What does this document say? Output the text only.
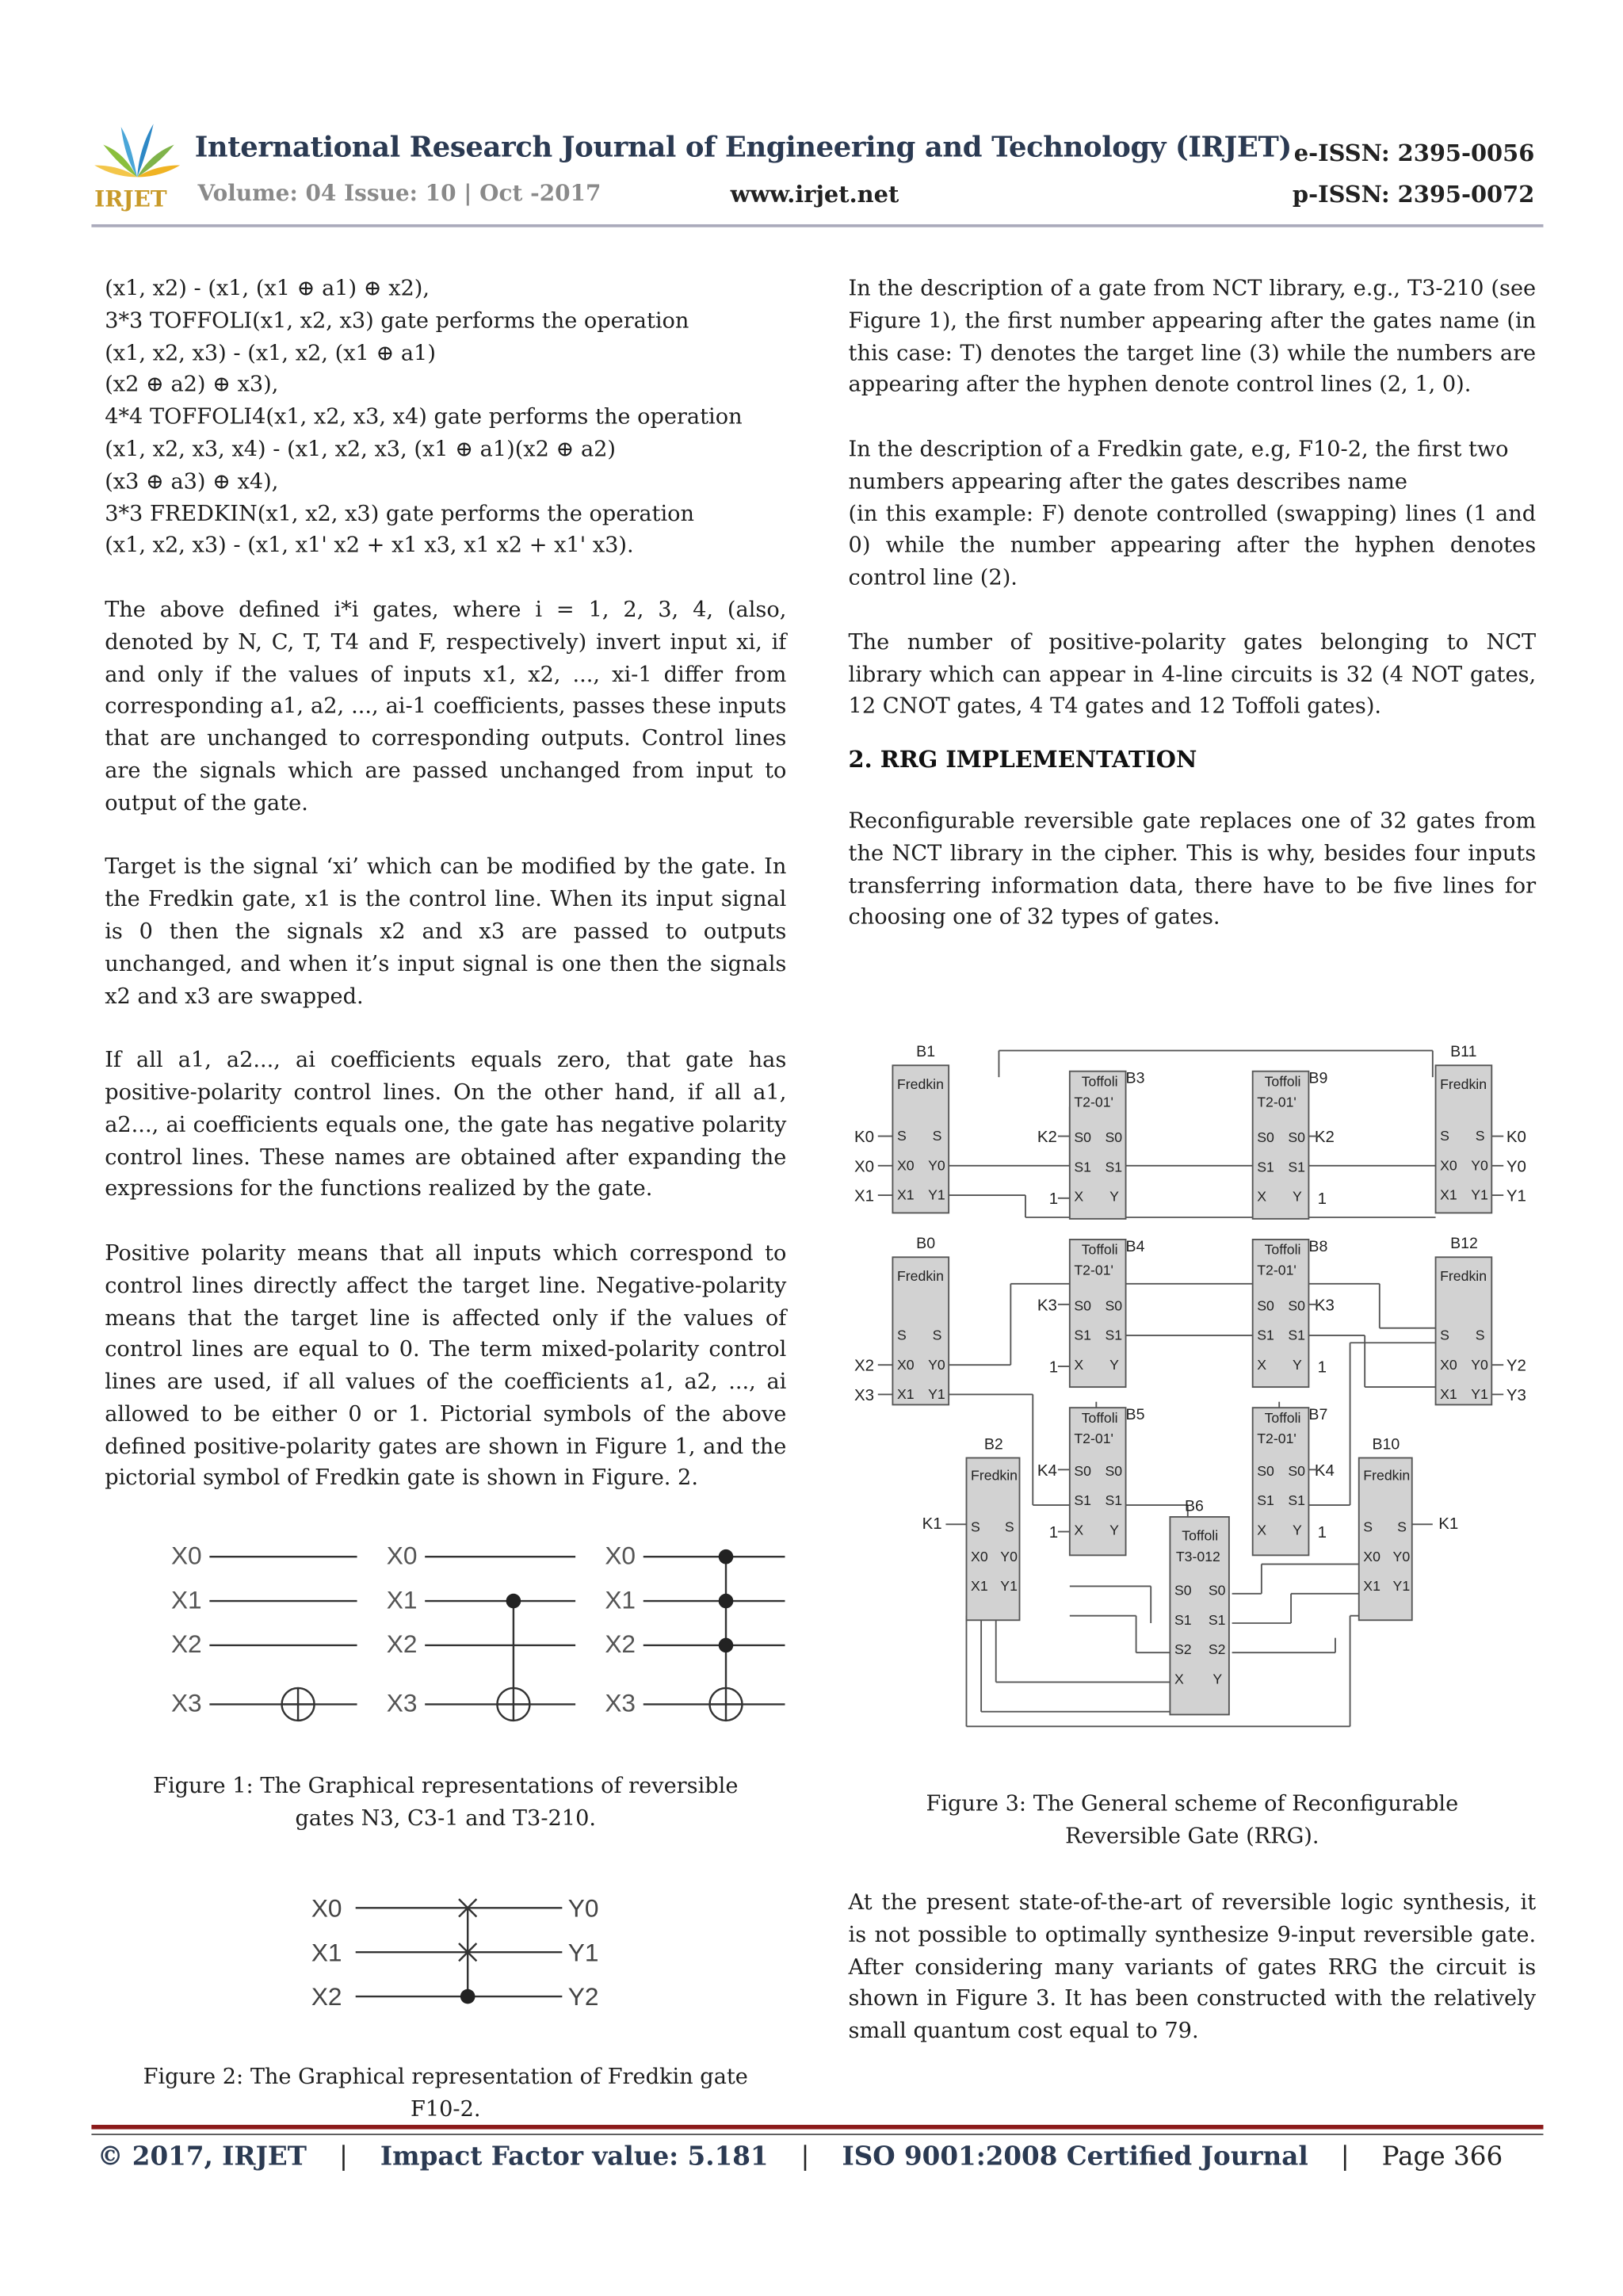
IRJET
International Research Journal of Engineering and Technology (IRJET) e-ISSN: 2395-0056
Volume: 04 Issue: 10 | Oct -2017	www.irjet.net	p-ISSN: 2395-0072

(x1, x2) - (x1, (x1 ⊕ a1) ⊕ x2),

3*3 TOFFOLI(x1, x2, x3) gate performs the operation

(x1, x2, x3) - (x1, x2, (x1 ⊕ a1)

(x2 ⊕ a2) ⊕ x3),

4*4 TOFFOLI4(x1, x2, x3, x4) gate performs the operation

(x1, x2, x3, x4) - (x1, x2, x3, (x1 ⊕ a1)(x2 ⊕ a2)

(x3 ⊕ a3) ⊕ x4),

3*3 FREDKIN(x1, x2, x3) gate performs the operation

(x1, x2, x3) - (x1, x1' x2 + x1 x3, x1 x2 + x1' x3).

The above defined i*i gates, where i = 1, 2, 3, 4, (also, denoted by N, C, T, T4 and F, respectively) invert input xi, if and only if the values of inputs x1, x2, ..., xi-1 differ from corresponding a1, a2, ..., ai-1 coefficients, passes these inputs that are unchanged to corresponding outputs. Control lines are the signals which are passed unchanged from input to output of the gate.

Target is the signal ‘xi’ which can be modified by the gate. In the Fredkin gate, x1 is the control line. When its input signal is 0 then the signals x2 and x3 are passed to outputs unchanged, and when it’s input signal is one then the signals x2 and x3 are swapped.

If all a1, a2..., ai coefficients equals zero, that gate has positive-polarity control lines. On the other hand, if all a1, a2..., ai coefficients equals one, the gate has negative polarity control lines. These names are obtained after expanding the expressions for the functions realized by the gate.

Positive polarity means that all inputs which correspond to control lines directly affect the target line. Negative-polarity means that the target line is affected only if the values of control lines are equal to 0. The term mixed-polarity control lines are used, if all values of the coefficients a1, a2, ..., ai allowed to be either 0 or 1. Pictorial symbols of the above defined positive-polarity gates are shown in Figure 1, and the pictorial symbol of Fredkin gate is shown in Figure. 2.

X0
X1
X2
X3
X0
X1
X2
X3
X0
X1
X2
X3
Figure 1: The Graphical representations of reversible
gates N3, C3-1 and T3-210.
X0
X1
X2
Y0
Y1
Y2
Figure 2: The Graphical representation of Fredkin gate
F10-2.

In the description of a gate from NCT library, e.g., T3-210 (see Figure 1), the first number appearing after the gates name (in this case: T) denotes the target line (3) while the numbers are appearing after the hyphen denote control lines (2, 1, 0).

In the description of a Fredkin gate, e.g, F10-2, the first two numbers appearing after the gates describes name

(in this example: F) denote controlled (swapping) lines (1 and 0) while the number appearing after the hyphen denotes control line (2).

The number of positive-polarity gates belonging to NCT library which can appear in 4-line circuits is 32 (4 NOT gates, 12 CNOT gates, 4 T4 gates and 12 Toffoli gates).

2. RRG IMPLEMENTATION

Reconfigurable reversible gate replaces one of 32 gates from the NCT library in the cipher. This is why, besides four inputs transferring information data, there have to be five lines for choosing one of 32 types of gates.

B1
Fredkin
S
X0
X1
S
Y0
Y1
K0
X0
X1
B0
Fredkin
S
X0
X1
S
Y0
Y1
X2
X3
B2
Fredkin
S
X0
X1
S
Y0
Y1
K1
B3
Toffoli
T2-01'
S0
S1
X
S0
S1
Y
K2
1
B4
Toffoli
T2-01'
S0
S1
X
S0
S1
Y
K3
1
B5
Toffoli
T2-01'
S0
S1
X
S0
S1
Y
K4
1
B6
Toffoli
T3-012
S0
S1
S2
X
S0
S1
S2
Y
B9
Toffoli
T2-01'
S0
S1
X
S0
S1
Y
K2
1
B8
Toffoli
T2-01'
S0
S1
X
S0
S1
Y
K3
1
B7
Toffoli
T2-01'
S0
S1
X
S0
S1
Y
K4
1
B10
Fredkin
S
X0
X1
S
Y0
Y1
K1
B11
Fredkin
S
X0
X1
S
Y0
Y1
K0
Y0
Y1
B12
Fredkin
S
X0
X1
S
Y0
Y1
Y2
Y3
Figure 3: The General scheme of Reconfigurable
Reversible Gate (RRG).

At the present state-of-the-art of reversible logic synthesis, it is not possible to optimally synthesize 9-input reversible gate. After considering many variants of gates RRG the circuit is shown in Figure 3. It has been constructed with the relatively small quantum cost equal to 79.

© 2017, IRJET | Impact Factor value: 5.181 | ISO 9001:2008 Certified Journal | Page 366
